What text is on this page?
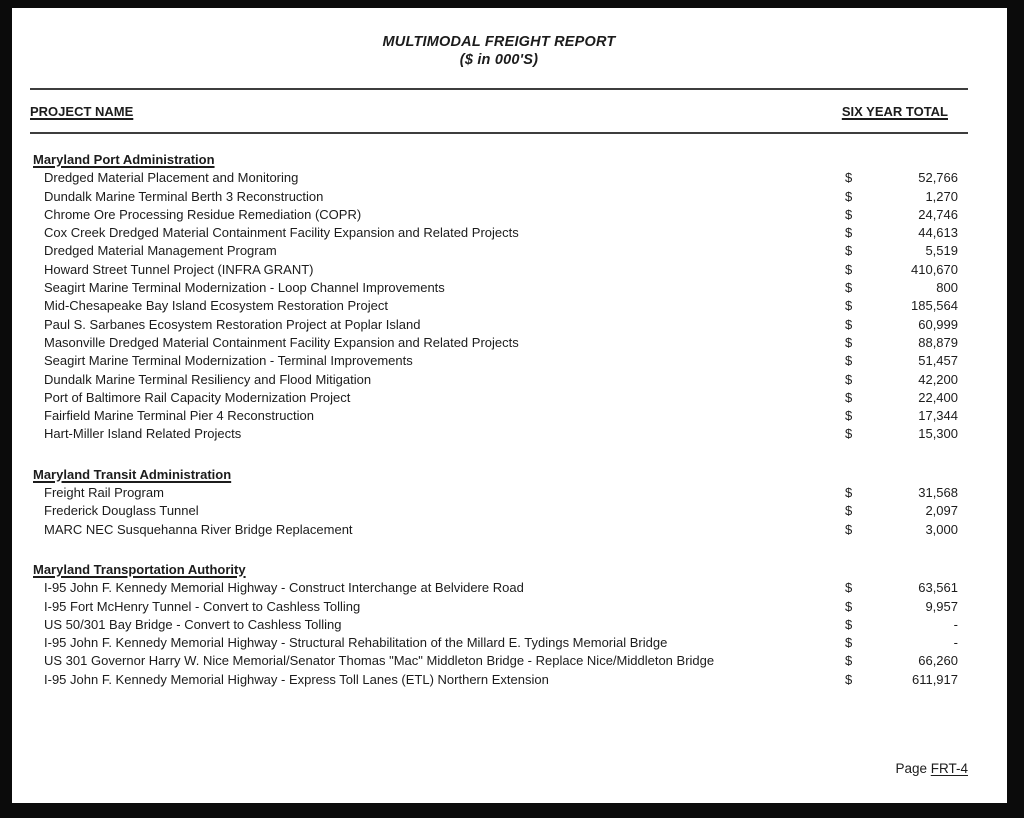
MULTIMODAL FREIGHT REPORT
($ in 000'S)
PROJECT NAME	SIX YEAR TOTAL
Maryland Port Administration
Dredged Material Placement and Monitoring	$	52,766
Dundalk Marine Terminal Berth 3 Reconstruction	$	1,270
Chrome Ore Processing Residue Remediation (COPR)	$	24,746
Cox Creek Dredged Material Containment Facility Expansion and Related Projects	$	44,613
Dredged Material Management Program	$	5,519
Howard Street Tunnel Project (INFRA GRANT)	$	410,670
Seagirt Marine Terminal Modernization - Loop Channel Improvements	$	800
Mid-Chesapeake Bay Island Ecosystem Restoration Project	$	185,564
Paul S. Sarbanes Ecosystem Restoration Project at Poplar Island	$	60,999
Masonville Dredged Material Containment Facility Expansion and Related Projects	$	88,879
Seagirt Marine Terminal Modernization - Terminal Improvements	$	51,457
Dundalk Marine Terminal Resiliency and Flood Mitigation	$	42,200
Port of Baltimore Rail Capacity Modernization Project	$	22,400
Fairfield Marine Terminal Pier 4 Reconstruction	$	17,344
Hart-Miller Island Related Projects	$	15,300
Maryland Transit Administration
Freight Rail Program	$	31,568
Frederick Douglass Tunnel	$	2,097
MARC NEC Susquehanna River Bridge Replacement	$	3,000
Maryland Transportation Authority
I-95 John F. Kennedy Memorial Highway - Construct Interchange at Belvidere Road	$	63,561
I-95 Fort McHenry Tunnel - Convert to Cashless Tolling	$	9,957
US 50/301 Bay Bridge - Convert to Cashless Tolling	$	-
I-95 John F. Kennedy Memorial Highway - Structural Rehabilitation of the Millard E. Tydings Memorial Bridge	$	-
US 301 Governor Harry W. Nice Memorial/Senator Thomas "Mac" Middleton Bridge - Replace Nice/Middleton Bridge	$	66,260
I-95 John F. Kennedy Memorial Highway - Express Toll Lanes (ETL) Northern Extension	$	611,917
Page FRT-4
